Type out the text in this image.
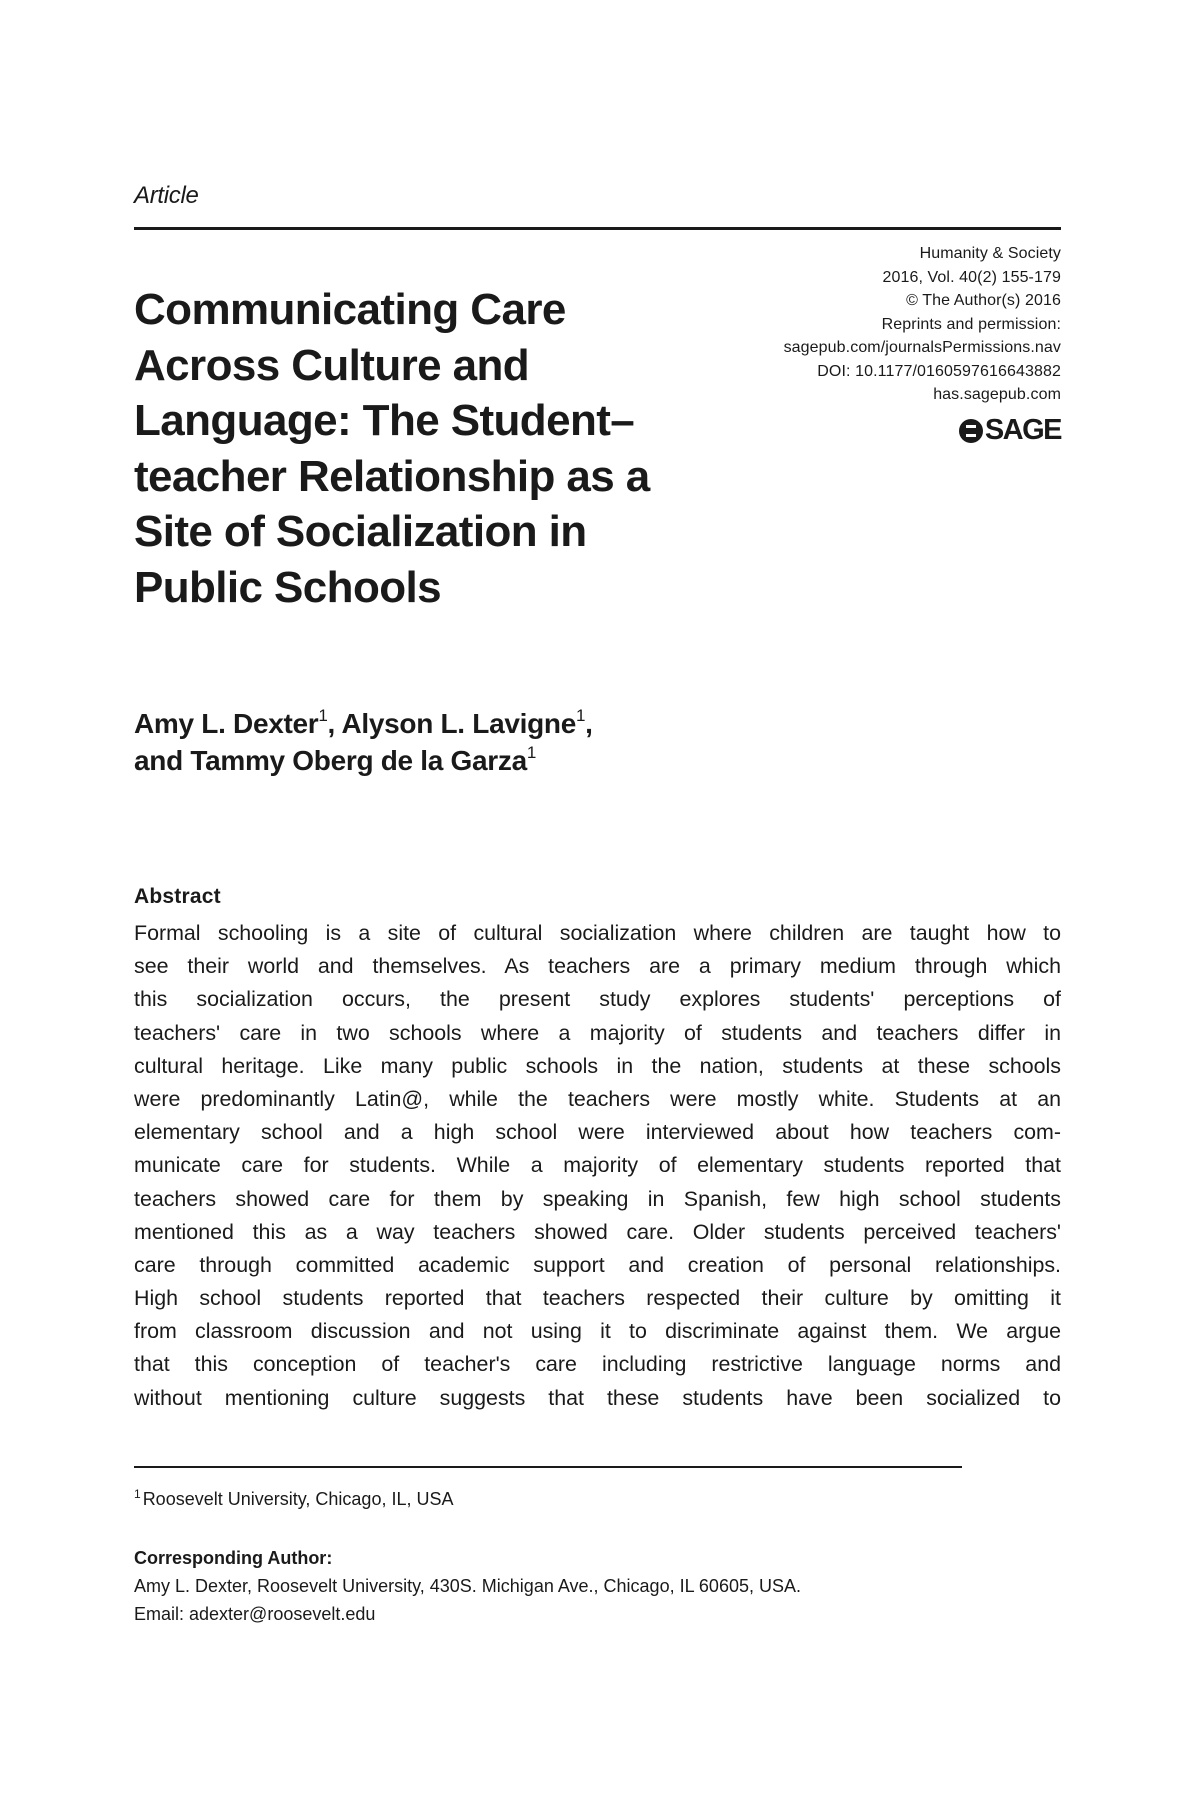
Article
Humanity & Society
2016, Vol. 40(2) 155-179
© The Author(s) 2016
Reprints and permission:
sagepub.com/journalsPermissions.nav
DOI: 10.1177/0160597616643882
has.sagepub.com
SAGE
Communicating Care
Across Culture and
Language: The Student–
teacher Relationship as a
Site of Socialization in
Public Schools
Amy L. Dexter$^1$, Alyson L. Lavigne$^1$,
and Tammy Oberg de la Garza$^1$
Abstract
Formal schooling is a site of cultural socialization where children are taught how to
see their world and themselves. As teachers are a primary medium through which
this socialization occurs, the present study explores students' perceptions of
teachers' care in two schools where a majority of students and teachers differ in
cultural heritage. Like many public schools in the nation, students at these schools
were predominantly Latin@, while the teachers were mostly white. Students at an
elementary school and a high school were interviewed about how teachers com-
municate care for students. While a majority of elementary students reported that
teachers showed care for them by speaking in Spanish, few high school students
mentioned this as a way teachers showed care. Older students perceived teachers'
care through committed academic support and creation of personal relationships.
High school students reported that teachers respected their culture by omitting it
from classroom discussion and not using it to discriminate against them. We argue
that this conception of teacher's care including restrictive language norms and
without mentioning culture suggests that these students have been socialized to
$^1$ Roosevelt University, Chicago, IL, USA
Corresponding Author:
Amy L. Dexter, Roosevelt University, 430S. Michigan Ave., Chicago, IL 60605, USA.
Email: adexter@roosevelt.edu
